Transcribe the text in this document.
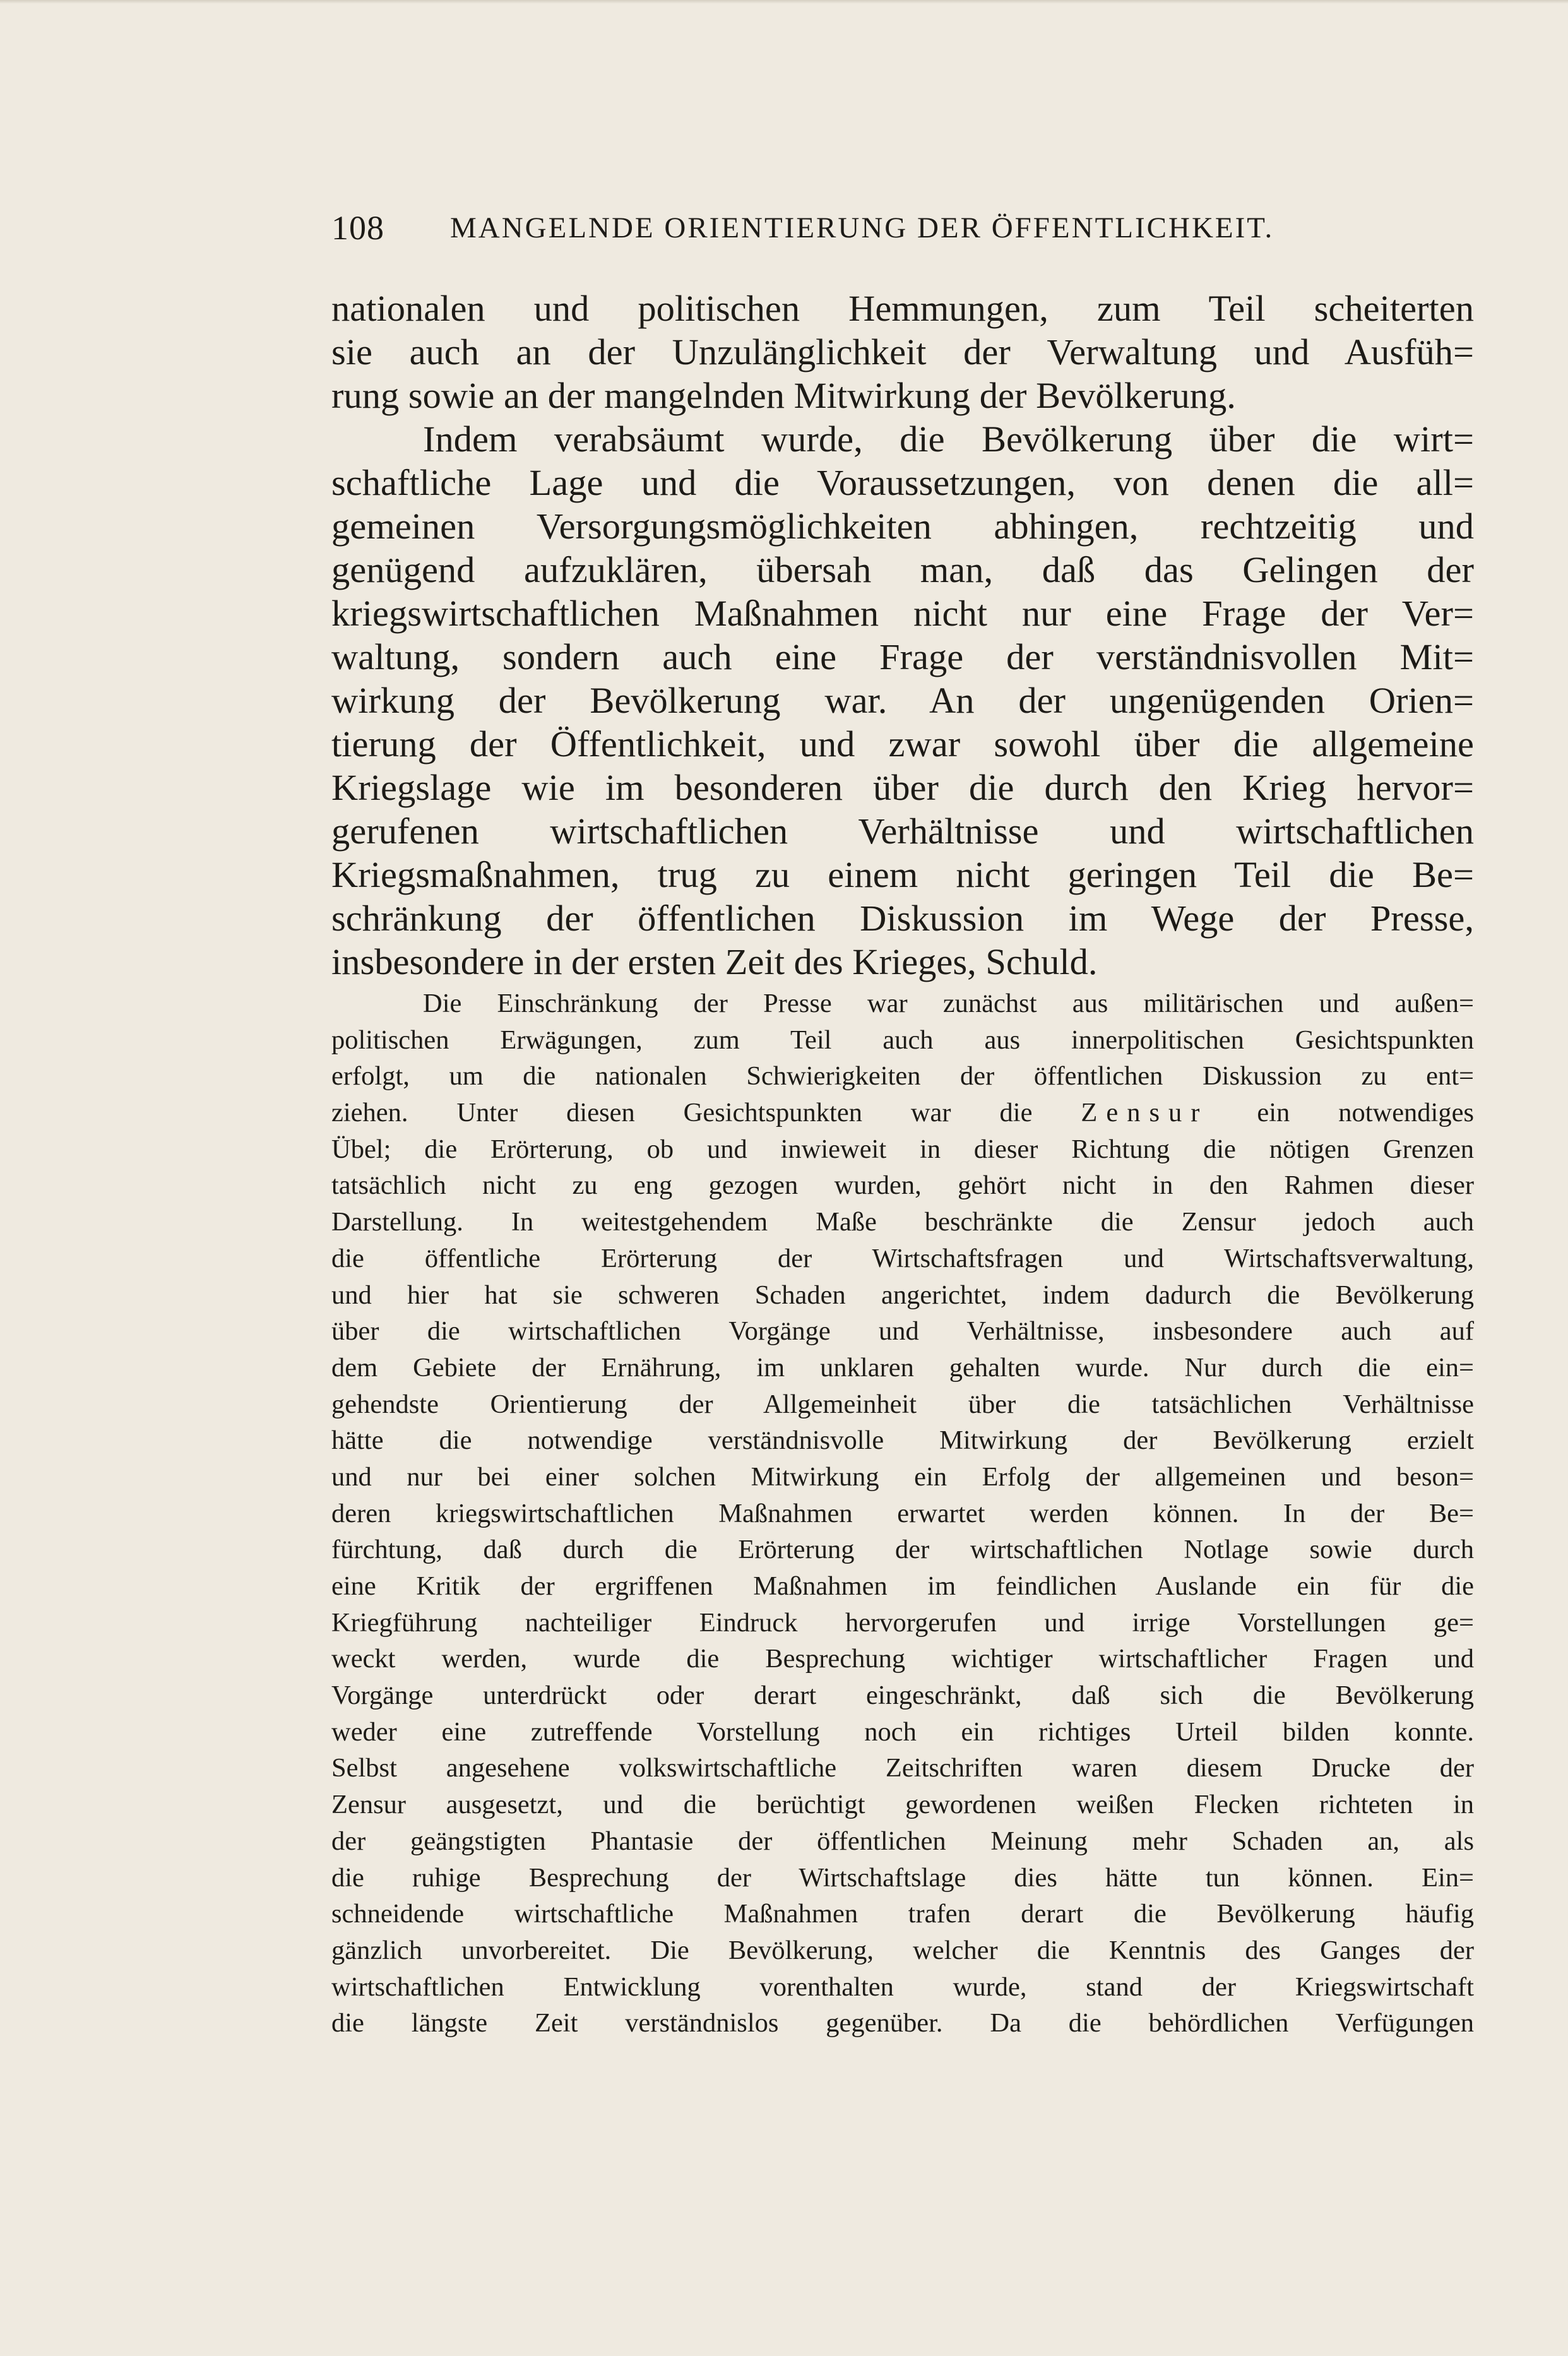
108 MANGELNDE ORIENTIERUNG DER ÖFFENTLICHKEIT.
nationalen und politischen Hemmungen, zum Teil scheiterten
sie auch an der Unzulänglichkeit der Verwaltung und Ausfüh=
rung sowie an der mangelnden Mitwirkung der Bevölkerung.
Indem verabsäumt wurde, die Bevölkerung über die wirt=
schaftliche Lage und die Voraussetzungen, von denen die all=
gemeinen Versorgungsmöglichkeiten abhingen, rechtzeitig und
genügend aufzuklären, übersah man, daß das Gelingen der
kriegswirtschaftlichen Maßnahmen nicht nur eine Frage der Ver=
waltung, sondern auch eine Frage der verständnisvollen Mit=
wirkung der Bevölkerung war. An der ungenügenden Orien=
tierung der Öffentlichkeit, und zwar sowohl über die allgemeine
Kriegslage wie im besonderen über die durch den Krieg hervor=
gerufenen wirtschaftlichen Verhältnisse und wirtschaftlichen
Kriegsmaßnahmen, trug zu einem nicht geringen Teil die Be=
schränkung der öffentlichen Diskussion im Wege der Presse,
insbesondere in der ersten Zeit des Krieges, Schuld.
Die Einschränkung der Presse war zunächst aus militärischen und außen=
politischen Erwägungen, zum Teil auch aus innerpolitischen Gesichtspunkten
erfolgt, um die nationalen Schwierigkeiten der öffentlichen Diskussion zu ent=
ziehen. Unter diesen Gesichtspunkten war die Zensur ein notwendiges
Übel; die Erörterung, ob und inwieweit in dieser Richtung die nötigen Grenzen
tatsächlich nicht zu eng gezogen wurden, gehört nicht in den Rahmen dieser
Darstellung. In weitestgehendem Maße beschränkte die Zensur jedoch auch
die öffentliche Erörterung der Wirtschaftsfragen und Wirtschaftsverwaltung,
und hier hat sie schweren Schaden angerichtet, indem dadurch die Bevölkerung
über die wirtschaftlichen Vorgänge und Verhältnisse, insbesondere auch auf
dem Gebiete der Ernährung, im unklaren gehalten wurde. Nur durch die ein=
gehendste Orientierung der Allgemeinheit über die tatsächlichen Verhältnisse
hätte die notwendige verständnisvolle Mitwirkung der Bevölkerung erzielt
und nur bei einer solchen Mitwirkung ein Erfolg der allgemeinen und beson=
deren kriegswirtschaftlichen Maßnahmen erwartet werden können. In der Be=
fürchtung, daß durch die Erörterung der wirtschaftlichen Notlage sowie durch
eine Kritik der ergriffenen Maßnahmen im feindlichen Auslande ein für die
Kriegführung nachteiliger Eindruck hervorgerufen und irrige Vorstellungen ge=
weckt werden, wurde die Besprechung wichtiger wirtschaftlicher Fragen und
Vorgänge unterdrückt oder derart eingeschränkt, daß sich die Bevölkerung
weder eine zutreffende Vorstellung noch ein richtiges Urteil bilden konnte.
Selbst angesehene volkswirtschaftliche Zeitschriften waren diesem Drucke der
Zensur ausgesetzt, und die berüchtigt gewordenen weißen Flecken richteten in
der geängstigten Phantasie der öffentlichen Meinung mehr Schaden an, als
die ruhige Besprechung der Wirtschaftslage dies hätte tun können. Ein=
schneidende wirtschaftliche Maßnahmen trafen derart die Bevölkerung häufig
gänzlich unvorbereitet. Die Bevölkerung, welcher die Kenntnis des Ganges der
wirtschaftlichen Entwicklung vorenthalten wurde, stand der Kriegswirtschaft
die längste Zeit verständnislos gegenüber. Da die behördlichen Verfügungen
